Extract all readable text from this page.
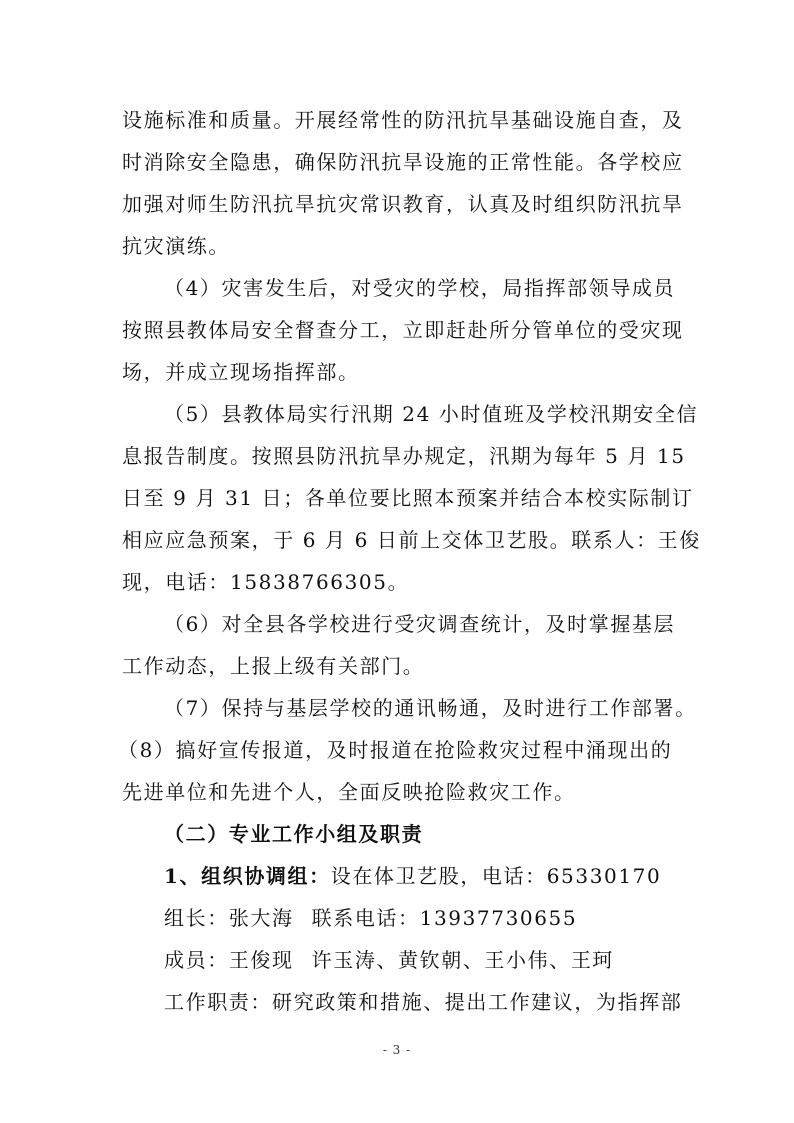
设施标准和质量。开展经常性的防汛抗旱基础设施自查，及
时消除安全隐患，确保防汛抗旱设施的正常性能。各学校应
加强对师生防汛抗旱抗灾常识教育，认真及时组织防汛抗旱
抗灾演练。
（4）灾害发生后，对受灾的学校，局指挥部领导成员
按照县教体局安全督查分工，立即赶赴所分管单位的受灾现
场，并成立现场指挥部。
（5）县教体局实行汛期 24 小时值班及学校汛期安全信
息报告制度。按照县防汛抗旱办规定，汛期为每年 5 月 15
日至 9 月 31 日；各单位要比照本预案并结合本校实际制订
相应应急预案，于 6 月 6 日前上交体卫艺股。联系人：王俊
现，电话：15838766305。
（6）对全县各学校进行受灾调查统计，及时掌握基层
工作动态，上报上级有关部门。
（7）保持与基层学校的通讯畅通，及时进行工作部署。
（8）搞好宣传报道，及时报道在抢险救灾过程中涌现出的
先进单位和先进个人，全面反映抢险救灾工作。
（二）专业工作小组及职责
1、组织协调组：设在体卫艺股，电话：65330170
组长：张大海 联系电话：13937730655
成员：王俊现 许玉涛、黄钦朝、王小伟、王珂
工作职责：研究政策和措施、提出工作建议，为指挥部
- 3 -
